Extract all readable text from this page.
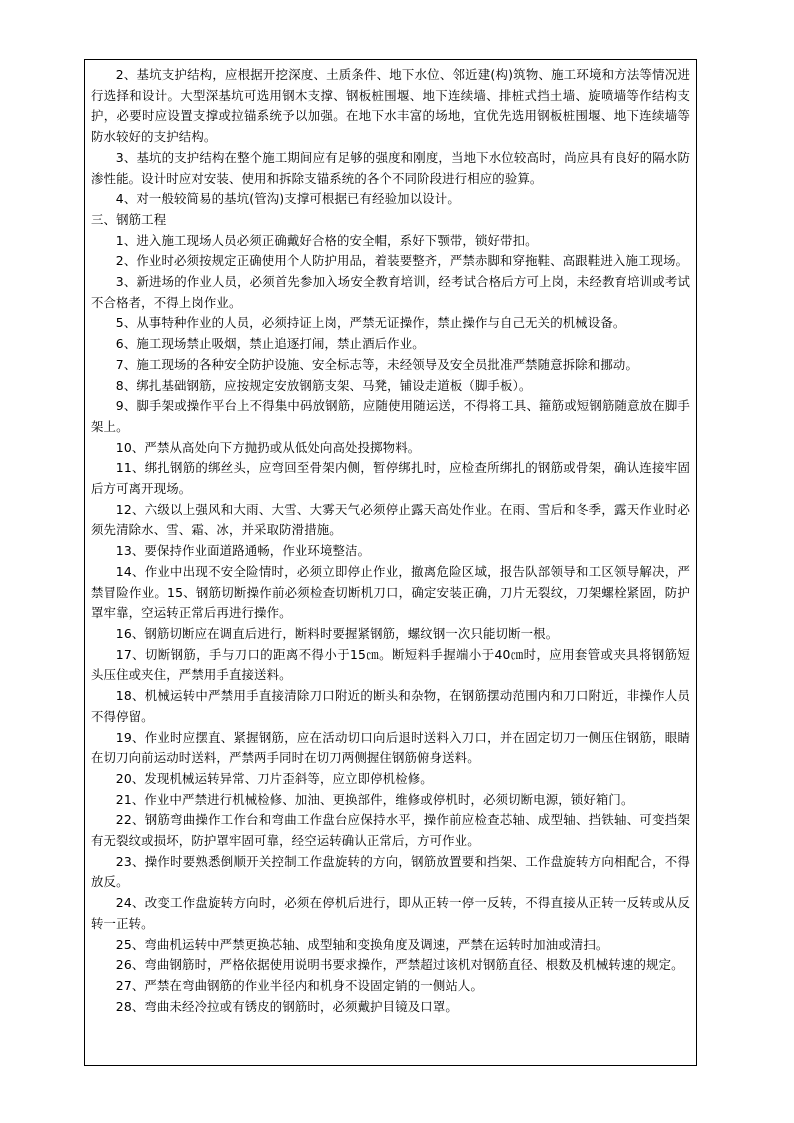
2、基坑支护结构，应根据开挖深度、土质条件、地下水位、邻近建(构)筑物、施工环境和方法等情况进行选择和设计。大型深基坑可选用钢木支撑、钢板桩围堰、地下连续墙、排桩式挡土墙、旋喷墙等作结构支护，必要时应设置支撑或拉锚系统予以加强。在地下水丰富的场地，宜优先选用钢板桩围堰、地下连续墙等防水较好的支护结构。

3、基坑的支护结构在整个施工期间应有足够的强度和刚度，当地下水位较高时，尚应具有良好的隔水防渗性能。设计时应对安装、使用和拆除支锚系统的各个不同阶段进行相应的验算。

4、对一般较简易的基坑(管沟)支撑可根据已有经验加以设计。

三、钢筋工程

1、进入施工现场人员必须正确戴好合格的安全帽，系好下颚带，锁好带扣。

2、作业时必须按规定正确使用个人防护用品，着装要整齐，严禁赤脚和穿拖鞋、高跟鞋进入施工现场。

3、新进场的作业人员，必须首先参加入场安全教育培训，经考试合格后方可上岗，未经教育培训或考试不合格者，不得上岗作业。

5、从事特种作业的人员，必须持证上岗，严禁无证操作，禁止操作与自己无关的机械设备。

6、施工现场禁止吸烟，禁止追逐打闹，禁止酒后作业。

7、施工现场的各种安全防护设施、安全标志等，未经领导及安全员批准严禁随意拆除和挪动。

8、绑扎基础钢筋，应按规定安放钢筋支架、马凳，铺设走道板（脚手板）。

9、脚手架或操作平台上不得集中码放钢筋，应随使用随运送，不得将工具、箍筋或短钢筋随意放在脚手架上。

10、严禁从高处向下方抛扔或从低处向高处投掷物料。

11、绑扎钢筋的绑丝头，应弯回至骨架内侧，暂停绑扎时，应检查所绑扎的钢筋或骨架，确认连接牢固后方可离开现场。

12、六级以上强风和大雨、大雪、大雾天气必须停止露天高处作业。在雨、雪后和冬季，露天作业时必须先清除水、雪、霜、冰，并采取防滑措施。

13、要保持作业面道路通畅，作业环境整洁。

14、作业中出现不安全险情时，必须立即停止作业，撤离危险区域，报告队部领导和工区领导解决，严禁冒险作业。15、钢筋切断操作前必须检查切断机刀口，确定安装正确，刀片无裂纹，刀架螺栓紧固，防护罩牢靠，空运转正常后再进行操作。

16、钢筋切断应在调直后进行，断料时要握紧钢筋，螺纹钢一次只能切断一根。

17、切断钢筋，手与刀口的距离不得小于15㎝。断短料手握端小于40㎝时，应用套管或夹具将钢筋短头压住或夹住，严禁用手直接送料。

18、机械运转中严禁用手直接清除刀口附近的断头和杂物，在钢筋摆动范围内和刀口附近，非操作人员不得停留。

19、作业时应摆直、紧握钢筋，应在活动切口向后退时送料入刀口，并在固定切刀一侧压住钢筋，眼睛在切刀向前运动时送料，严禁两手同时在切刀两侧握住钢筋俯身送料。

20、发现机械运转异常、刀片歪斜等，应立即停机检修。

21、作业中严禁进行机械检修、加油、更换部件，维修或停机时，必须切断电源，锁好箱门。

22、钢筋弯曲操作工作台和弯曲工作盘台应保持水平，操作前应检查芯轴、成型轴、挡铁轴、可变挡架有无裂纹或损坏，防护罩牢固可靠，经空运转确认正常后，方可作业。

23、操作时要熟悉倒顺开关控制工作盘旋转的方向，钢筋放置要和挡架、工作盘旋转方向相配合，不得放反。

24、改变工作盘旋转方向时，必须在停机后进行，即从正转一停一反转，不得直接从正转一反转或从反转一正转。

25、弯曲机运转中严禁更换芯轴、成型轴和变换角度及调速，严禁在运转时加油或清扫。

26、弯曲钢筋时，严格依据使用说明书要求操作，严禁超过该机对钢筋直径、根数及机械转速的规定。

27、严禁在弯曲钢筋的作业半径内和机身不设固定销的一侧站人。

28、弯曲未经冷拉或有锈皮的钢筋时，必须戴护目镜及口罩。
